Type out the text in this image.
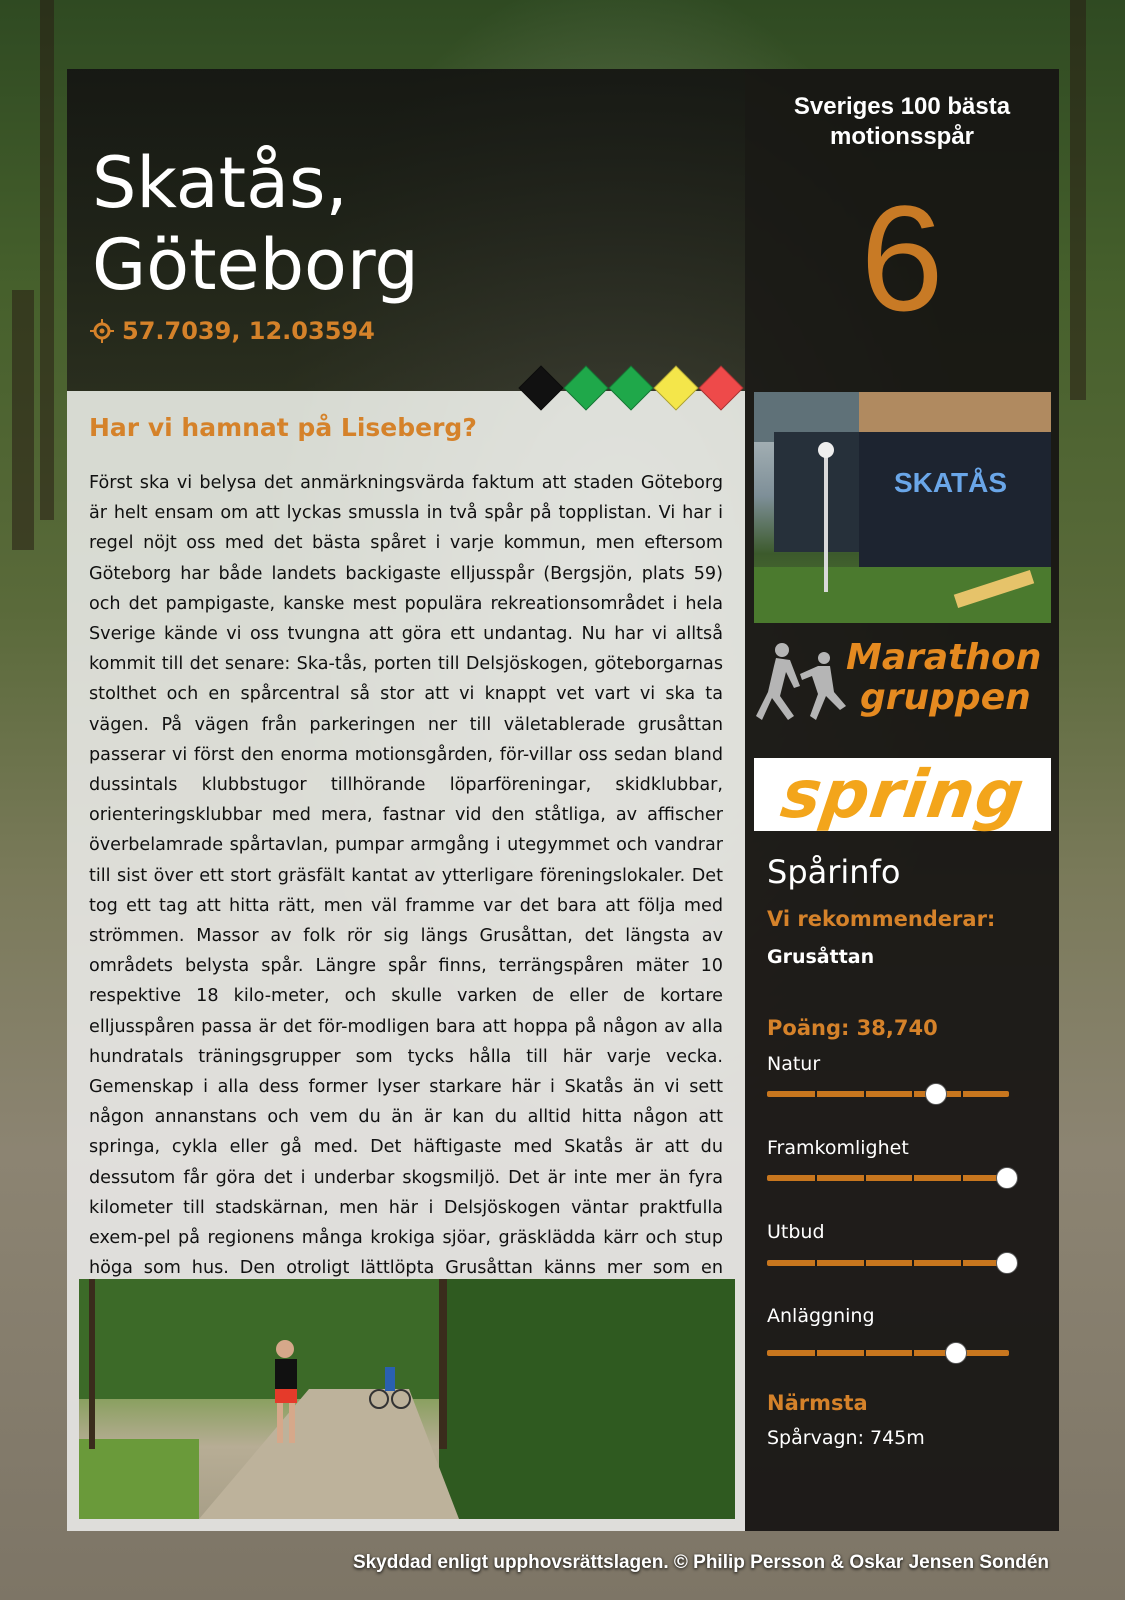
Skatås,
Göteborg
57.7039, 12.03594
Sveriges 100 bästa
motionsspår
6
SKATÅS
Marathon
gruppen
spring
Spårinfo

Vi rekommenderar:

Grusåttan

Poäng: 38,740

Natur

Framkomlighet

Utbud

Anläggning

Närmsta

Spårvagn: 745m

Har vi hamnat på Liseberg?

Först ska vi belysa det anmärkningsvärda faktum att staden Göteborg är helt ensam om att lyckas smussla in två spår på topplistan. Vi har i regel nöjt oss med det bästa spåret i varje kommun, men eftersom Göteborg har både landets backigaste elljusspår (Bergsjön, plats 59) och det pampigaste, kanske mest populära rekreationsområdet i hela Sverige kände vi oss tvungna att göra ett undantag. Nu har vi alltså kommit till det senare: Ska-tås, porten till Delsjöskogen, göteborgarnas stolthet och en spårcentral så stor att vi knappt vet vart vi ska ta vägen. På vägen från parkeringen ner till väletablerade grusåttan passerar vi först den enorma motionsgården, för-villar oss sedan bland dussintals klubbstugor tillhörande löparföreningar, skidklubbar, orienteringsklubbar med mera, fastnar vid den ståtliga, av affischer överbelamrade spårtavlan, pumpar armgång i utegymmet och vandrar till sist över ett stort gräsfält kantat av ytterligare föreningslokaler. Det tog ett tag att hitta rätt, men väl framme var det bara att följa med strömmen. Massor av folk rör sig längs Grusåttan, det längsta av områdets belysta spår. Längre spår finns, terrängspåren mäter 10 respektive 18 kilo-meter, och skulle varken de eller de kortare elljusspåren passa är det för-modligen bara att hoppa på någon av alla hundratals träningsgrupper som tycks hålla till här varje vecka. Gemenskap i alla dess former lyser starkare här i Skatås än vi sett någon annanstans och vem du än är kan du alltid hitta någon att springa, cykla eller gå med. Det häftigaste med Skatås är att du dessutom får göra det i underbar skogsmiljö. Det är inte mer än fyra kilometer till stadskärnan, men här i Delsjöskogen väntar praktfulla exem-pel på regionens många krokiga sjöar, gräsklädda kärr och stup höga som hus. Den otroligt lättlöpta Grusåttan känns mer som en

Skyddad enligt upphovsrättslagen. © Philip Persson & Oskar Jensen Sondén
